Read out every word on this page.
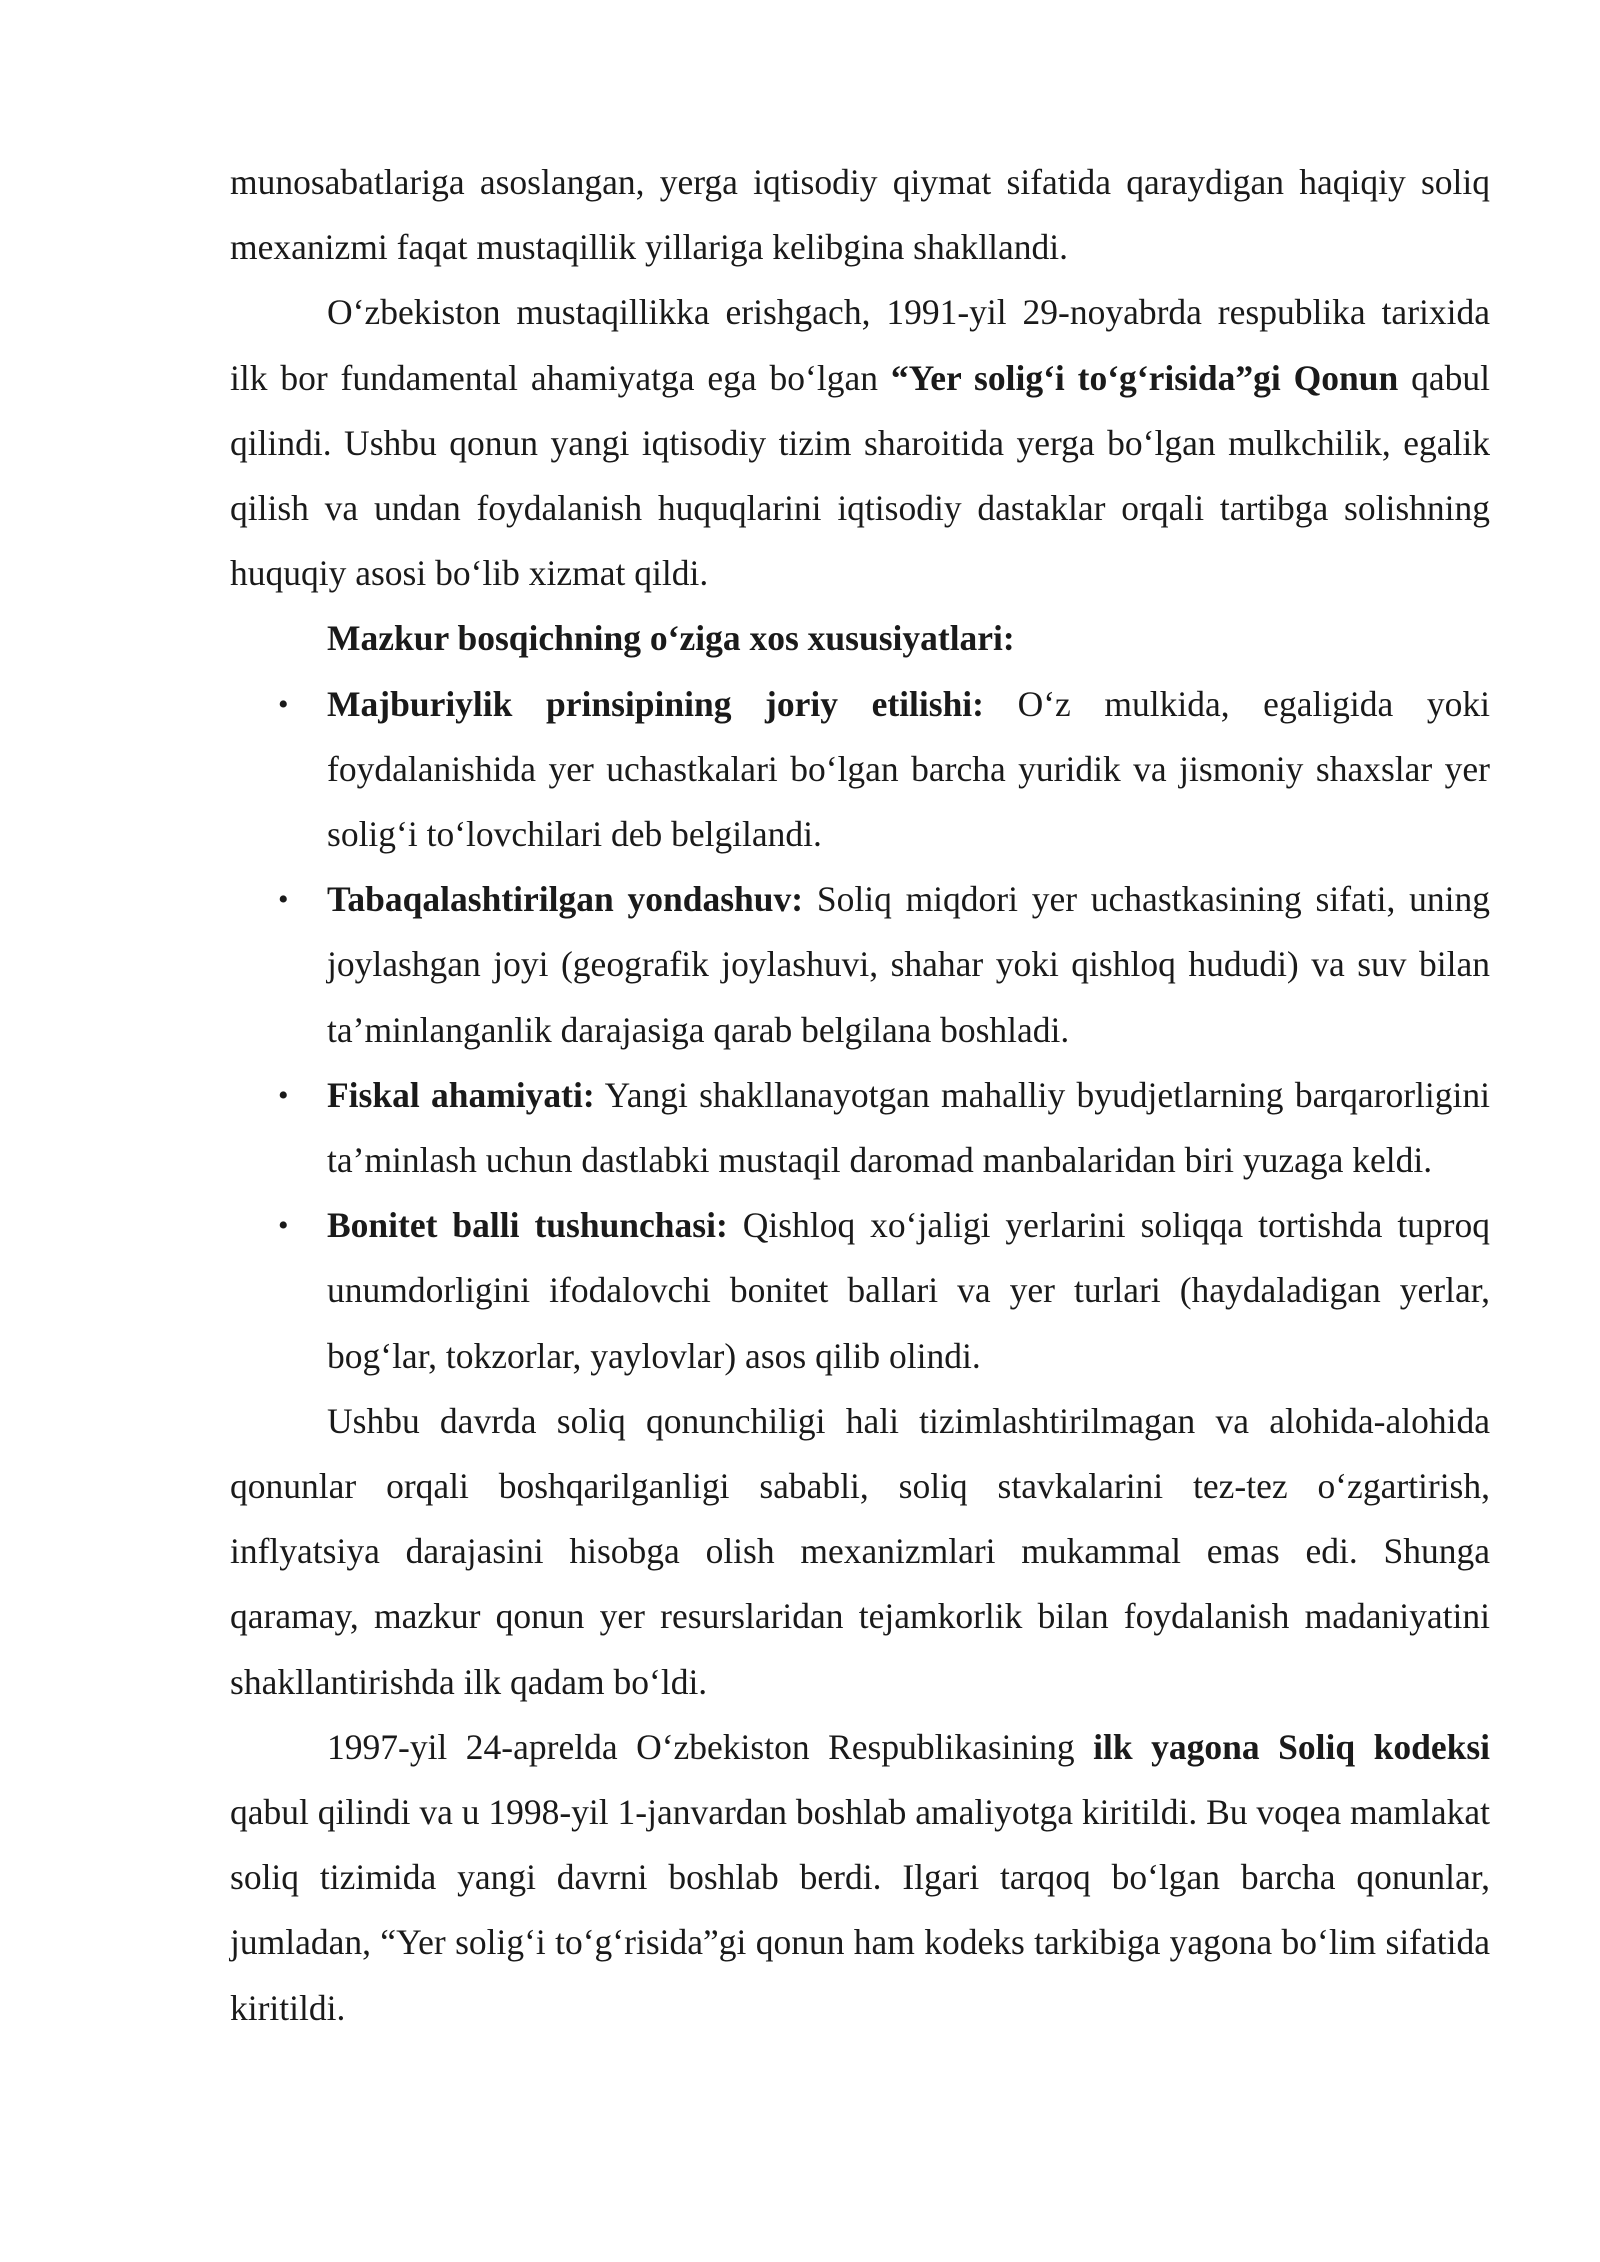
munosabatlariga asoslangan, yerga iqtisodiy qiymat sifatida qaraydigan haqiqiy soliq mexanizmi faqat mustaqillik yillariga kelibgina shakllandi.

O‘zbekiston mustaqillikka erishgach, 1991-yil 29-noyabrda respublika tarixida ilk bor fundamental ahamiyatga ega bo‘lgan “Yer solig‘i to‘g‘risida”gi Qonun qabul qilindi. Ushbu qonun yangi iqtisodiy tizim sharoitida yerga bo‘lgan mulkchilik, egalik qilish va undan foydalanish huquqlarini iqtisodiy dastaklar orqali tartibga solishning huquqiy asosi bo‘lib xizmat qildi.

Mazkur bosqichning o‘ziga xos xususiyatlari:

• Majburiylik prinsipining joriy etilishi: O‘z mulkida, egaligida yoki foydalanishida yer uchastkalari bo‘lgan barcha yuridik va jismoniy shaxslar yer solig‘i to‘lovchilari deb belgilandi.
• Tabaqalashtirilgan yondashuv: Soliq miqdori yer uchastkasining sifati, uning joylashgan joyi (geografik joylashuvi, shahar yoki qishloq hududi) va suv bilan ta’minlanganlik darajasiga qarab belgilana boshladi.
• Fiskal ahamiyati: Yangi shakllanayotgan mahalliy byudjetlarning barqarorligini ta’minlash uchun dastlabki mustaqil daromad manbalaridan biri yuzaga keldi.
• Bonitet balli tushunchasi: Qishloq xo‘jaligi yerlarini soliqqa tortishda tuproq unumdorligini ifodalovchi bonitet ballari va yer turlari (haydaladigan yerlar, bog‘lar, tokzorlar, yaylovlar) asos qilib olindi.

Ushbu davrda soliq qonunchiligi hali tizimlashtirilmagan va alohida-alohida qonunlar orqali boshqarilganligi sababli, soliq stavkalarini tez-tez o‘zgartirish, inflyatsiya darajasini hisobga olish mexanizmlari mukammal emas edi. Shunga qaramay, mazkur qonun yer resurslaridan tejamkorlik bilan foydalanish madaniyatini shakllantirishda ilk qadam bo‘ldi.

1997-yil 24-aprelda O‘zbekiston Respublikasining ilk yagona Soliq kodeksi qabul qilindi va u 1998-yil 1-janvardan boshlab amaliyotga kiritildi. Bu voqea mamlakat soliq tizimida yangi davrni boshlab berdi. Ilgari tarqoq bo‘lgan barcha qonunlar, jumladan, “Yer solig‘i to‘g‘risida”gi qonun ham kodeks tarkibiga yagona bo‘lim sifatida kiritildi.
